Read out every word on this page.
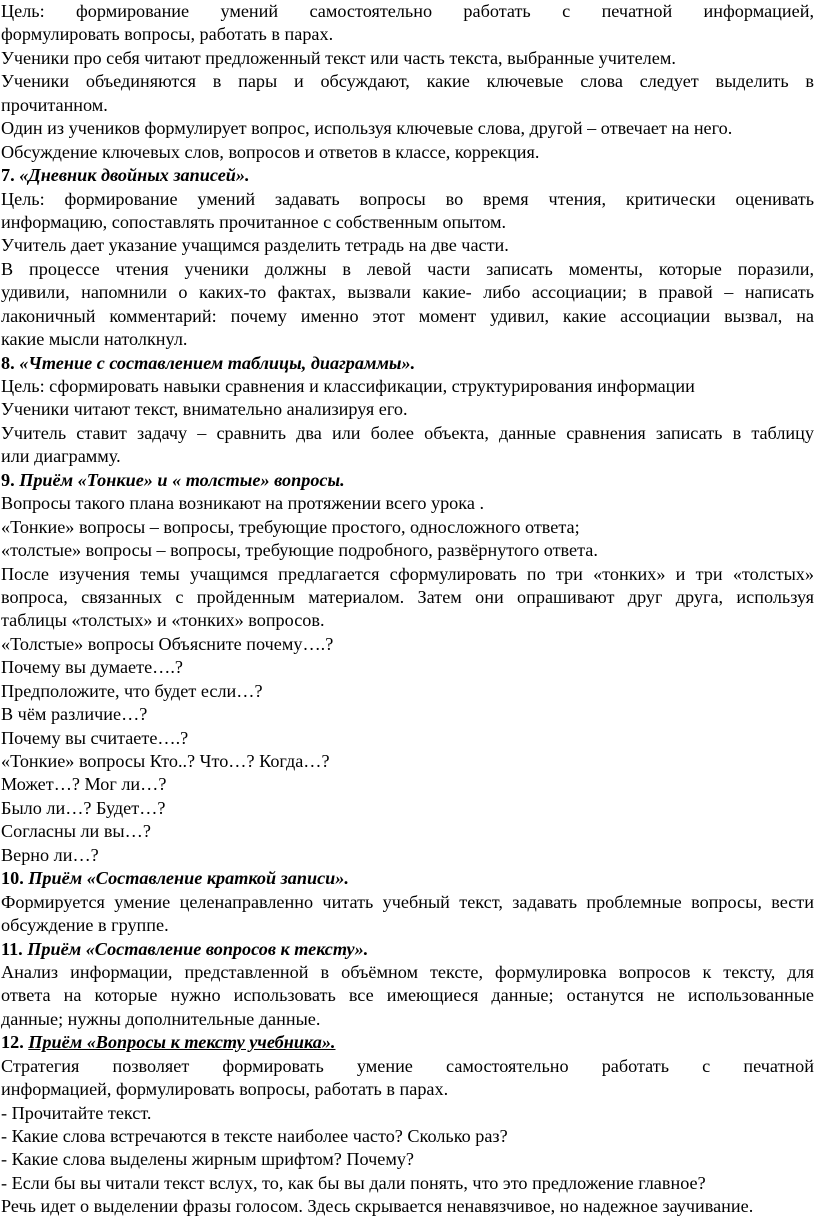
Цель: формирование умений самостоятельно работать с печатной информацией,
формулировать вопросы, работать в парах.
Ученики про себя читают предложенный текст или часть текста, выбранные учителем.
Ученики объединяются в пары и обсуждают, какие ключевые слова следует выделить в
прочитанном.
Один из учеников формулирует вопрос, используя ключевые слова, другой – отвечает на него.
Обсуждение ключевых слов, вопросов и ответов в классе, коррекция.
7. «Дневник двойных записей».
Цель: формирование умений задавать вопросы во время чтения, критически оценивать
информацию, сопоставлять прочитанное с собственным опытом.
Учитель дает указание учащимся разделить тетрадь на две части.
В процессе чтения ученики должны в левой части записать моменты, которые поразили,
удивили, напомнили о каких-то фактах, вызвали какие- либо ассоциации; в правой – написать
лаконичный комментарий: почему именно этот момент удивил, какие ассоциации вызвал, на
какие мысли натолкнул.
8. «Чтение с составлением таблицы, диаграммы».
Цель: сформировать навыки сравнения и классификации, структурирования информации
Ученики читают текст, внимательно анализируя его.
Учитель ставит задачу – сравнить два или более объекта, данные сравнения записать в таблицу
или диаграмму.
9. Приём «Тонкие» и « толстые» вопросы.
Вопросы такого плана возникают на протяжении всего урока .
«Тонкие» вопросы – вопросы, требующие простого, односложного ответа;
«толстые» вопросы – вопросы, требующие подробного, развёрнутого ответа.
После изучения темы учащимся предлагается сформулировать по три «тонких» и три «толстых»
вопроса, связанных с пройденным материалом. Затем они опрашивают друг друга, используя
таблицы «толстых» и «тонких» вопросов.
«Толстые» вопросы Объясните почему….?
Почему вы думаете….?
Предположите, что будет если…?
В чём различие…?
Почему вы считаете….?
«Тонкие» вопросы Кто..? Что…? Когда…?
Может…? Мог ли…?
Было ли…? Будет…?
Согласны ли вы…?
Верно ли…?
10. Приём «Составление краткой записи».
Формируется умение целенаправленно читать учебный текст, задавать проблемные вопросы, вести
обсуждение в группе.
11. Приём «Составление вопросов к тексту».
Анализ информации, представленной в объёмном тексте, формулировка вопросов к тексту, для
ответа на которые нужно использовать все имеющиеся данные; останутся не использованные
данные; нужны дополнительные данные.
12. Приём «Вопросы к тексту учебника».
Стратегия позволяет формировать умение самостоятельно работать с печатной
информацией, формулировать вопросы, работать в парах.
- Прочитайте текст.
- Какие слова встречаются в тексте наиболее часто? Сколько раз?
- Какие слова выделены жирным шрифтом? Почему?
- Если бы вы читали текст вслух, то, как бы вы дали понять, что это предложение главное?
Речь идет о выделении фразы голосом. Здесь скрывается ненавязчивое, но надежное заучивание.
